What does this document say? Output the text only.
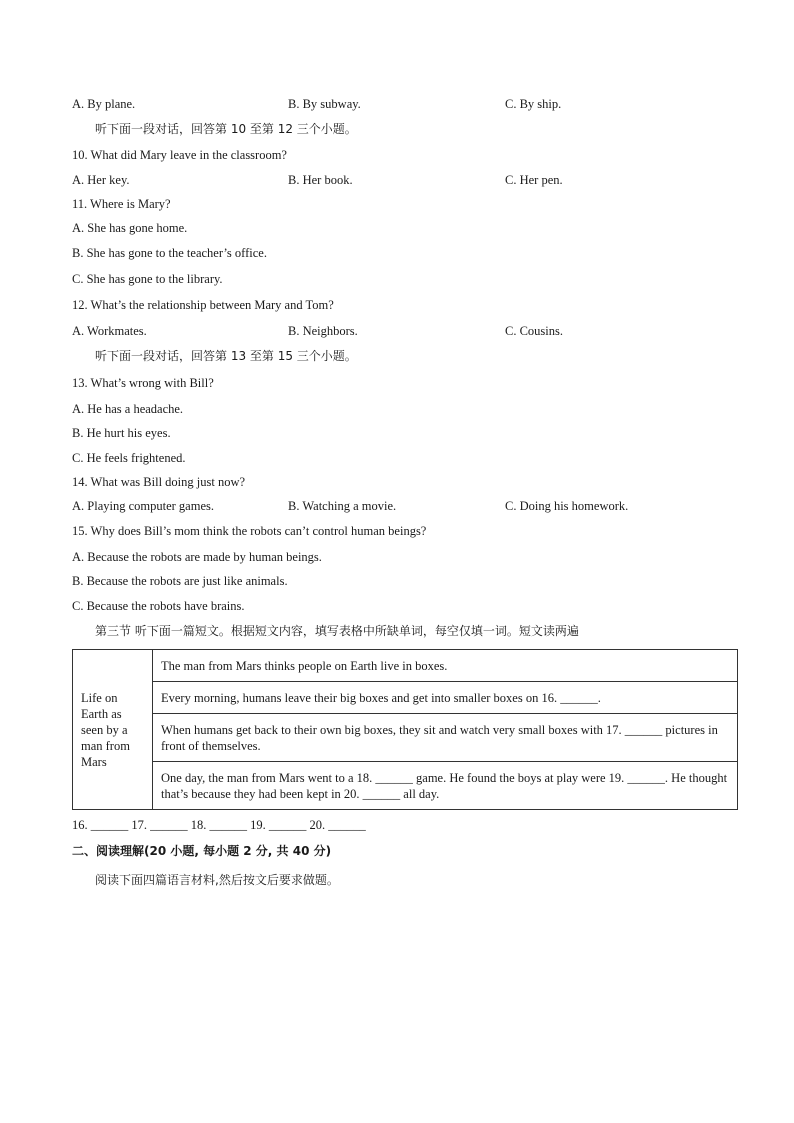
A. By plane.	B. By subway.	C. By ship.
听下面一段对话，回答第 10 至第 12 三个小题。
10. What did Mary leave in the classroom?
A. Her key.	B. Her book.	C. Her pen.
11. Where is Mary?
A. She has gone home.
B. She has gone to the teacher’s office.
C. She has gone to the library.
12. What’s the relationship between Mary and Tom?
A. Workmates.	B. Neighbors.	C. Cousins.
听下面一段对话，回答第 13 至第 15 三个小题。
13. What’s wrong with Bill?
A. He has a headache.
B. He hurt his eyes.
C. He feels frightened.
14. What was Bill doing just now?
A. Playing computer games.	B. Watching a movie.	C. Doing his homework.
15. Why does Bill’s mom think the robots can’t control human beings?
A. Because the robots are made by human beings.
B. Because the robots are just like animals.
C. Because the robots have brains.
第三节 听下面一篇短文。根据短文内容，填写表格中所缺单词，每空仅填一词。短文读两遍
Life on Earth as seen by a man from Mars	The man from Mars thinks people on Earth live in boxes.
Every morning, humans leave their big boxes and get into smaller boxes on 16. ______.
When humans get back to their own big boxes, they sit and watch very small boxes with 17. ______ pictures in front of themselves.
One day, the man from Mars went to a 18. ______ game. He found the boys at play were 19. ______. He thought that’s because they had been kept in 20. ______ all day.
16. ______ 17. ______ 18. ______ 19. ______ 20. ______
二、阅读理解(20 小题, 每小题 2 分, 共 40 分)
阅读下面四篇语言材料,然后按文后要求做题。
